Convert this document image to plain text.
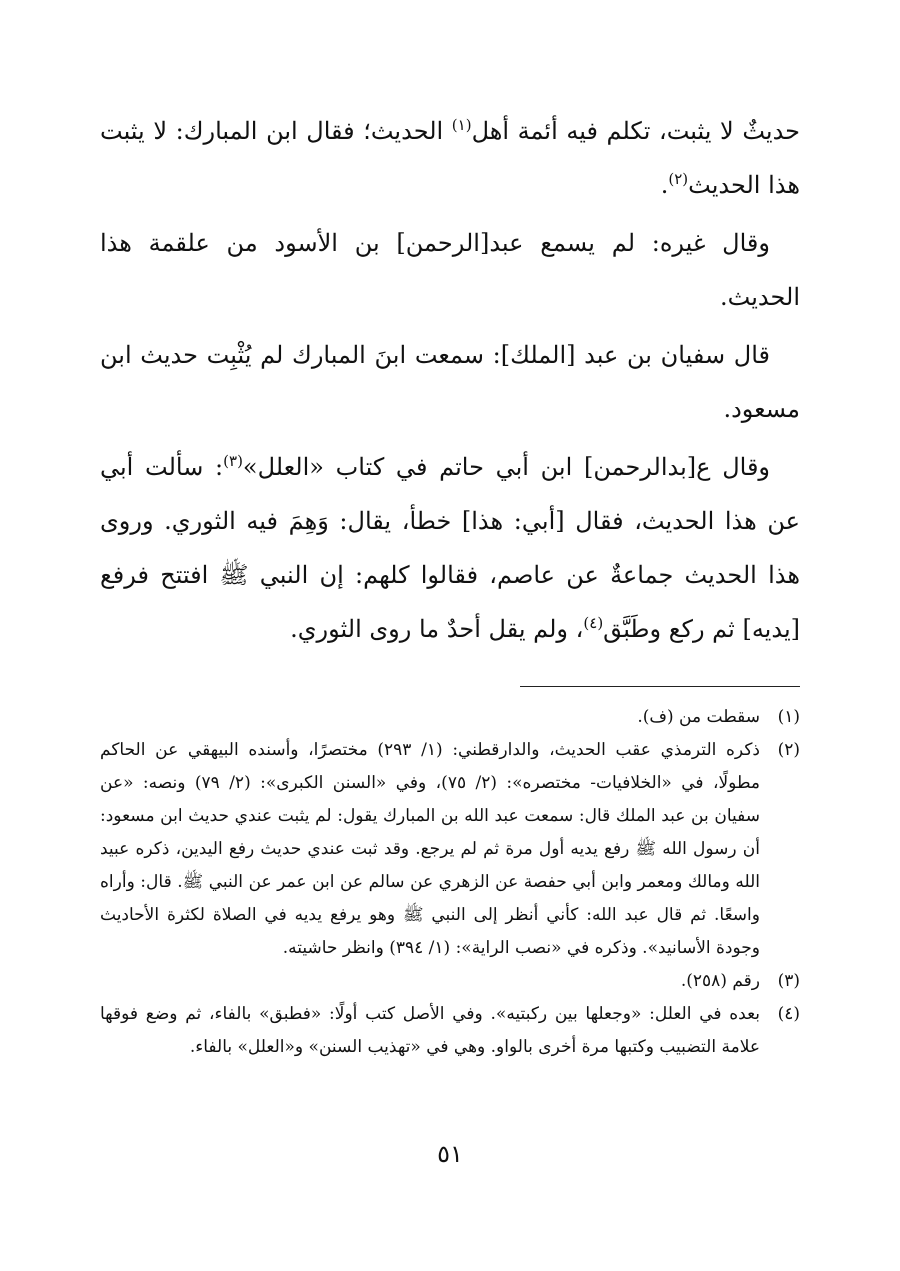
حديثٌ لا يثبت، تكلم فيه أئمة أهل$^{(١)}$ الحديث؛ فقال ابن المبارك: لا يثبت هذا الحديث$^{(٢)}$.

وقال غيره: لم يسمع عبد[الرحمن] بن الأسود من علقمة هذا الحديث.

قال سفيان بن عبد [الملك]: سمعت ابنَ المبارك لم يُثْبِت حديث ابن مسعود.

وقال ع[بدالرحمن] ابن أبي حاتم في كتاب «العلل»$^{(٣)}$: سألت أبي عن هذا الحديث، فقال [أبي: هذا] خطأ، يقال: وَهِمَ فيه الثوري. وروى هذا الحديث جماعةٌ عن عاصم، فقالوا كلهم: إن النبي ﷺ افتتح فرفع [يديه] ثم ركع وطَبَّق$^{(٤)}$، ولم يقل أحدٌ ما روى الثوري.

(١)
سقطت من (ف).
(٢)
ذكره الترمذي عقب الحديث، والدارقطني: (١/ ٢٩٣) مختصرًا، وأسنده البيهقي عن الحاكم مطولًا، في «الخلافيات- مختصره»: (٢/ ٧٥)، وفي «السنن الكبرى»: (٢/ ٧٩) ونصه: «عن سفيان بن عبد الملك قال: سمعت عبد الله بن المبارك يقول: لم يثبت عندي حديث ابن مسعود: أن رسول الله ﷺ رفع يديه أول مرة ثم لم يرجع. وقد ثبت عندي حديث رفع اليدين، ذكره عبيد الله ومالك ومعمر وابن أبي حفصة عن الزهري عن سالم عن ابن عمر عن النبي ﷺ. قال: وأراه واسعًا. ثم قال عبد الله: كأني أنظر إلى النبي ﷺ وهو يرفع يديه في الصلاة لكثرة الأحاديث وجودة الأسانيد». وذكره في «نصب الراية»: (١/ ٣٩٤) وانظر حاشيته.
(٣)
رقم (٢٥٨).
(٤)
بعده في العلل: «وجعلها بين ركبتيه». وفي الأصل كتب أولًا: «فطبق» بالفاء، ثم وضع فوقها علامة التضبيب وكتبها مرة أخرى بالواو. وهي في «تهذيب السنن» و«العلل» بالفاء.
٥١
